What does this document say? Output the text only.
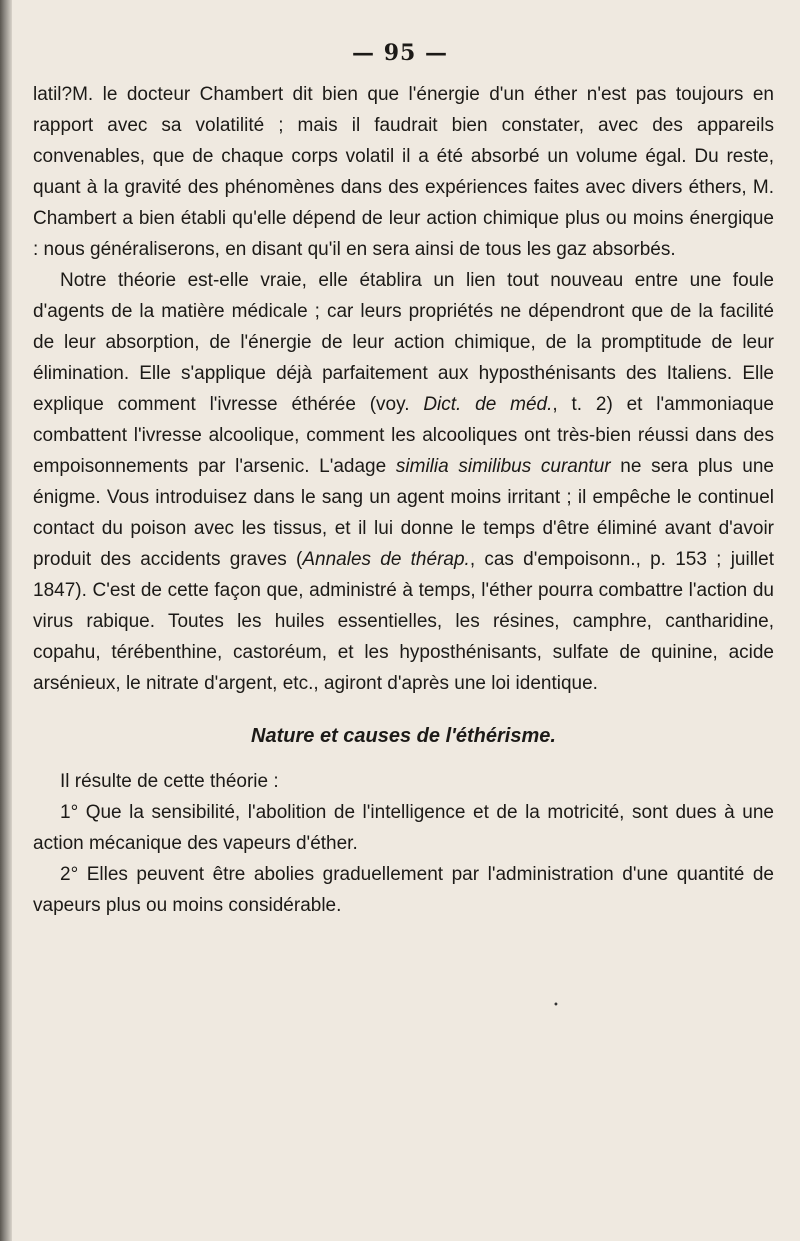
— 95 —

latil?M. le docteur Chambert dit bien que l'énergie d'un éther n'est pas toujours en rapport avec sa volatilité ; mais il faudrait bien constater, avec des appareils convenables, que de chaque corps volatil il a été absorbé un volume égal. Du reste, quant à la gravité des phénomènes dans des expériences faites avec divers éthers, M. Chambert a bien établi qu'elle dépend de leur action chimique plus ou moins énergique : nous généraliserons, en disant qu'il en sera ainsi de tous les gaz absorbés.

Notre théorie est-elle vraie, elle établira un lien tout nouveau entre une foule d'agents de la matière médicale ; car leurs propriétés ne dépendront que de la facilité de leur absorption, de l'énergie de leur action chimique, de la promptitude de leur élimination. Elle s'applique déjà parfaitement aux hyposthénisants des Italiens. Elle explique comment l'ivresse éthérée (voy. Dict. de méd., t. 2) et l'ammoniaque combattent l'ivresse alcoolique, comment les alcooliques ont très-bien réussi dans des empoisonnements par l'arsenic. L'adage similia similibus curantur ne sera plus une énigme. Vous introduisez dans le sang un agent moins irritant ; il empêche le continuel contact du poison avec les tissus, et il lui donne le temps d'être éliminé avant d'avoir produit des accidents graves (Annales de thérap., cas d'empoisonn., p. 153 ; juillet 1847). C'est de cette façon que, administré à temps, l'éther pourra combattre l'action du virus rabique. Toutes les huiles essentielles, les résines, camphre, cantharidine, copahu, térébenthine, castoréum, et les hyposthénisants, sulfate de quinine, acide arsénieux, le nitrate d'argent, etc., agiront d'après une loi identique.

Nature et causes de l'éthérisme.

Il résulte de cette théorie :

1° Que la sensibilité, l'abolition de l'intelligence et de la motricité, sont dues à une action mécanique des vapeurs d'éther.

2° Elles peuvent être abolies graduellement par l'administration d'une quantité de vapeurs plus ou moins considérable.

•
